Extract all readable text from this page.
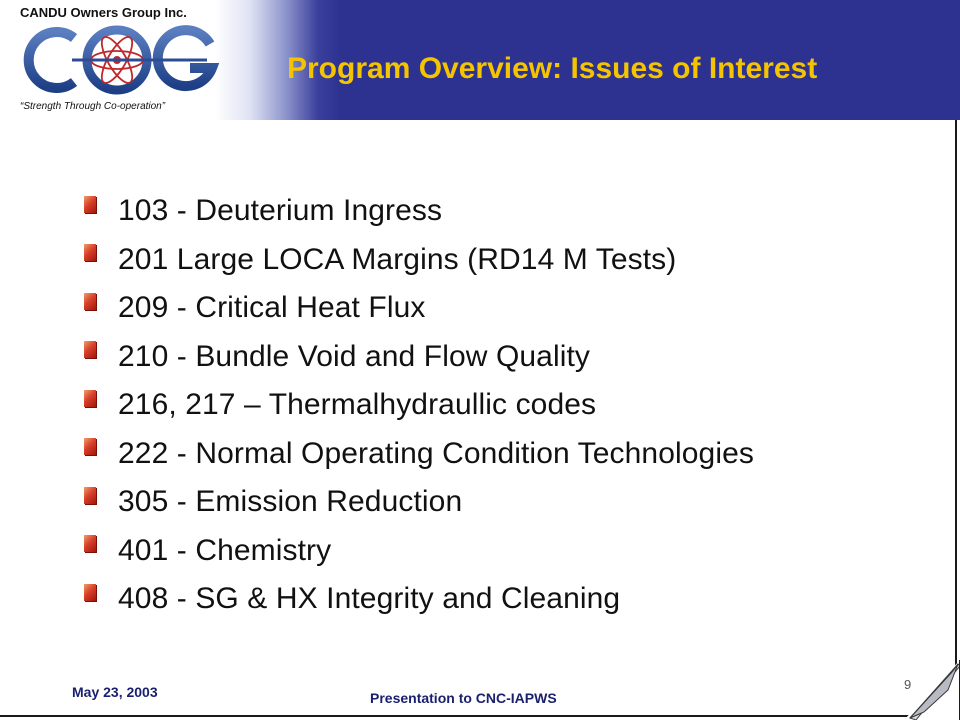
CANDU Owners Group Inc.
“Strength Through Co-operation”
Program Overview: Issues of Interest
103 - Deuterium Ingress
201 Large LOCA Margins (RD14 M Tests)
209 - Critical Heat Flux
210 - Bundle Void and Flow Quality
216, 217 – Thermalhydraullic codes
222 - Normal Operating Condition Technologies
305 - Emission Reduction
401 - Chemistry
408 - SG & HX Integrity and Cleaning
May 23, 2003	Presentation to CNC-IAPWS
9
